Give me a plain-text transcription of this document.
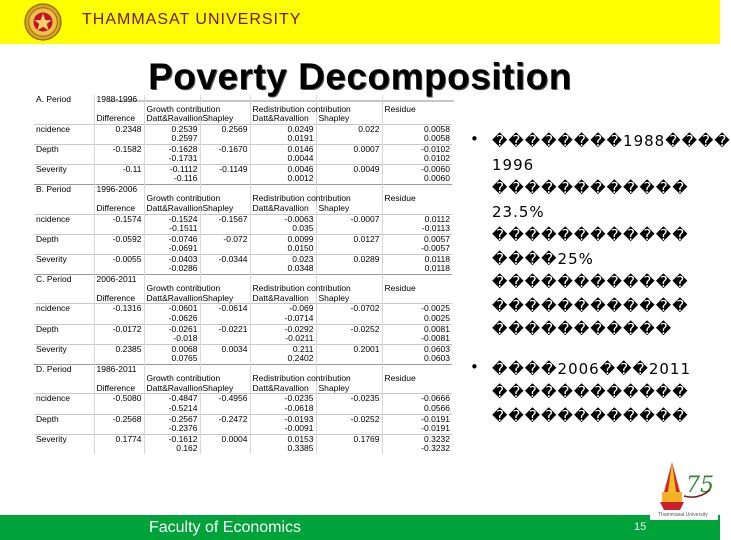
THAMMASAT UNIVERSITY
Poverty Decomposition
A. Period	1988-1996					
		Growth contribution		Redistribution contribution		Residue
	Difference	Datt&Ravallion	Shapley	Datt&Ravallion	Shapley	
ncidence	0.2348	0.2539	0.2569	0.0249	0.022	0.0058
		0.2597		0.0191		0.0058
Depth	-0.1582	-0.1628	-0.1670	0.0146	0.0007	-0.0102
		-0.1731		0.0044		0.0102
Severity	-0.11	-0.1112	-0.1149	0.0046	0.0049	-0.0060
		-0.116		0.0012		0.0060
B. Period	1996-2006					
		Growth contribution		Redistribution contribution		Residue
	Difference	Datt&Ravallion	Shapley	Datt&Ravallion	Shapley	
ncidence	-0.1574	-0.1524	-0.1567	-0.0063	-0.0007	0.0112
		-0.1511		0.035		-0.0113
Depth	-0.0592	-0.0746	-0.072	0.0099	0.0127	0.0057
		-0.0691		0.0150		-0.0057
Severity	-0.0055	-0.0403	-0.0344	0.023	0.0289	0.0118
		-0.0286		0.0348		0.0118
C. Period	2006-2011					
		Growth contribution		Redistribution contribution		Residue
	Difference	Datt&Ravallion	Shapley	Datt&Ravallion	Shapley	
ncidence	-0.1316	-0.0601	-0.0614	-0.069	-0.0702	-0.0025
		-0.0626		-0.0714		0.0025
Depth	-0.0172	-0.0261	-0.0221	-0.0292	-0.0252	0.0081
		-0.018		-0.0211		-0.0081
Severity	0.2385	0.0068	0.0034	0.211	0.2001	0.0603
		0.0765		0.2402		0.0603
D. Period	1986-2011					
		Growth contribution		Redistribution contribution		Residue
	Difference	Datt&Ravallion	Shapley	Datt&Ravallion	Shapley	
ncidence	-0.5080	-0.4847	-0.4956	-0.0235	-0.0235	-0.0666
		-0.5214		-0.0618		0.0566
Depth	-0.2568	-0.2567	-0.2472	-0.0193	-0.0252	-0.0191
		-0.2376		-0.0091		-0.0191
Severity	0.1774	-0.1612	0.0004	0.0153	0.1769	0.3232
		0.162		0.3385		-0.3232
• ��������1988����
1996
������������
23.5%
������������
����25%
������������
������������
�����������
• ����2006���2011
������������
������������
Faculty of Economics	15
75
Thammasat University
